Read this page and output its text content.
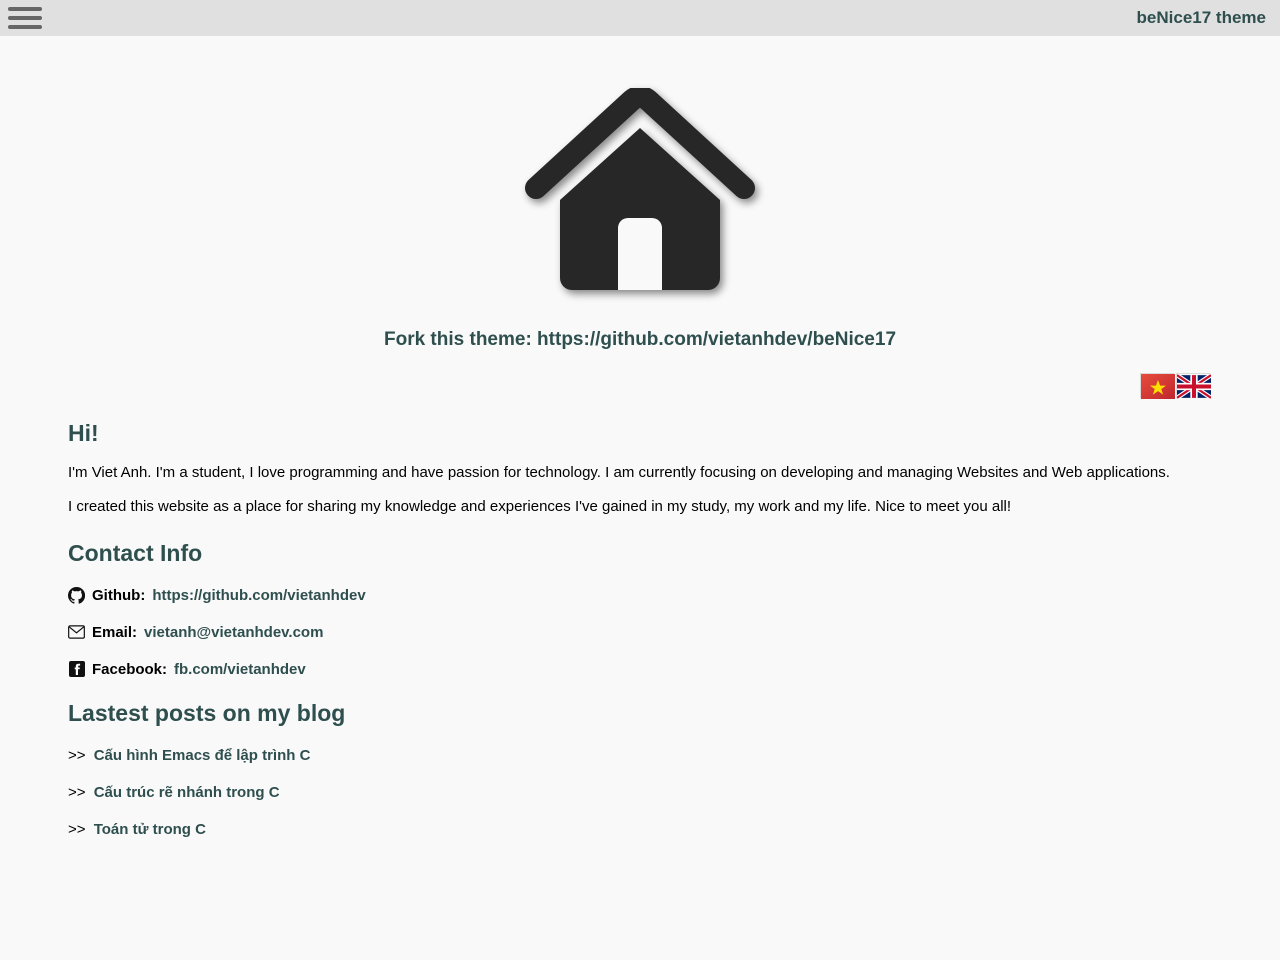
beNice17 theme
Fork this theme: https://github.com/vietanhdev/beNice17
Hi!

I'm Viet Anh. I'm a student, I love programming and have passion for technology. I am currently focusing on developing and managing Websites and Web applications.

I created this website as a place for sharing my knowledge and experiences I've gained in my study, my work and my life. Nice to meet you all!

Contact Info
Github: https://github.com/vietanhdev
Email: vietanh@vietanhdev.com
Facebook: fb.com/vietanhdev
Lastest posts on my blog
>> Cấu hình Emacs để lập trình C
>> Cấu trúc rẽ nhánh trong C
>> Toán tử trong C
